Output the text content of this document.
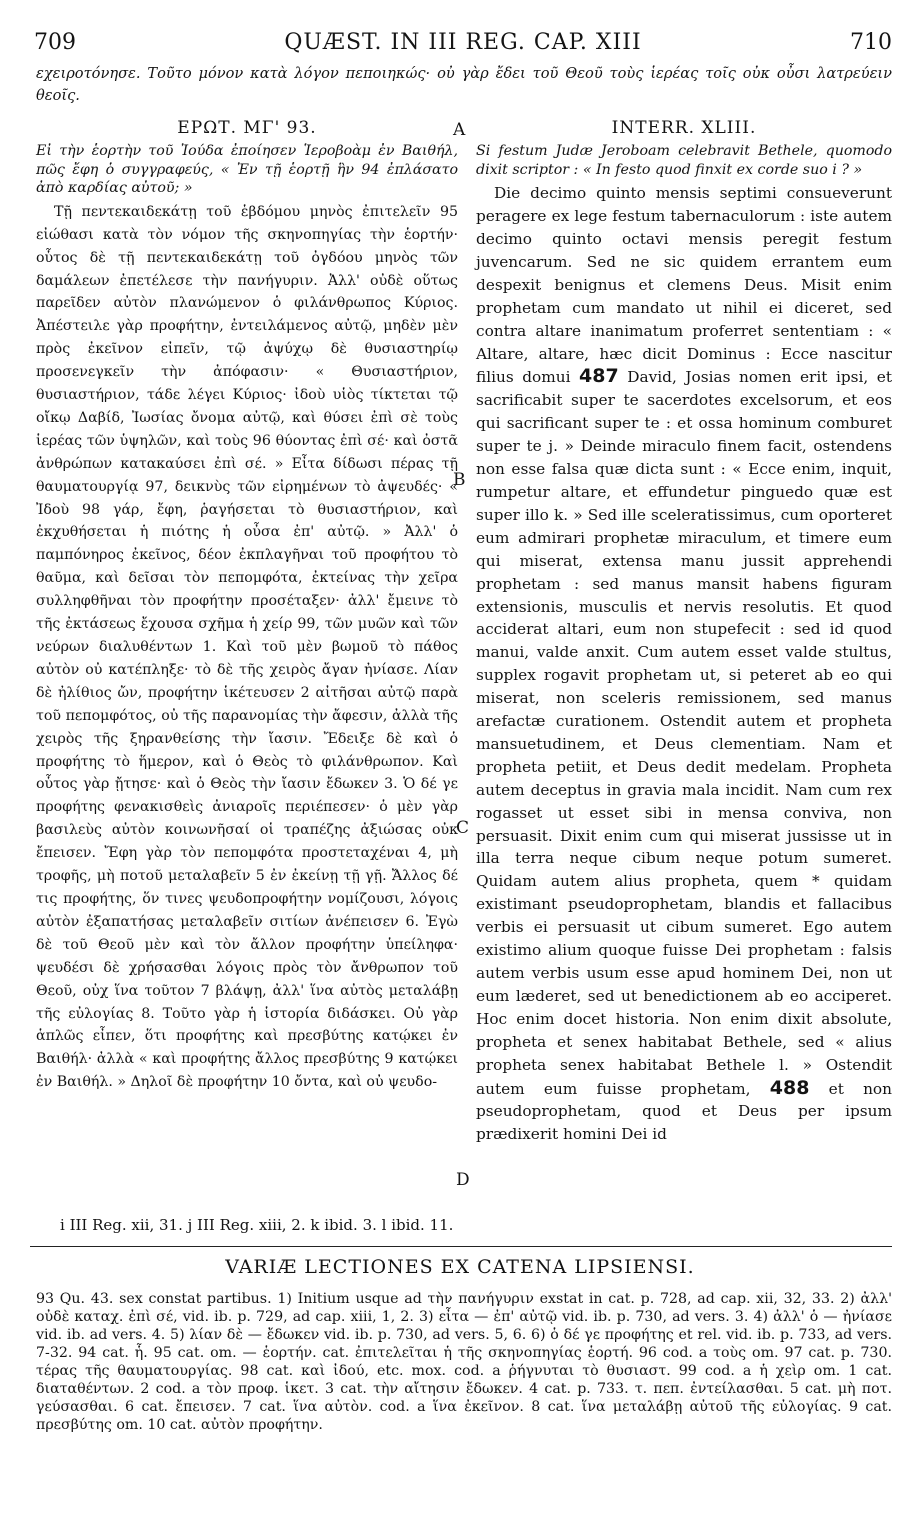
709	QUÆST. IN III REG. CAP. XIII	710
εχειροτόνησε. Τοῦτο μόνον κατὰ λόγον πεποιηκώς· οὐ γὰρ ἔδει τοῦ Θεοῦ τοὺς ἱερέας τοῖς οὐκ οὖσι λατρεύειν θεοῖς.
ΕΡΩΤ. ΜΓ' 93.
Εἰ τὴν ἑορτὴν τοῦ Ἰούδα ἐποίησεν Ἱεροβοὰμ ἐν Βαιθήλ, πῶς ἔφη ὁ συγγραφεύς, « Ἐν τῇ ἑορτῇ ἣν 94 ἐπλάσατο ἀπὸ καρδίας αὐτοῦ; »
Τῇ πεντεκαιδεκάτῃ τοῦ ἑβδόμου μηνὸς ἐπιτελεῖν 95 εἰώθασι κατὰ τὸν νόμον τῆς σκηνοπηγίας τὴν ἑορτήν· οὗτος δὲ τῇ πεντεκαιδεκάτῃ τοῦ ὀγδόου μηνὸς τῶν δαμάλεων ἐπετέλεσε τὴν πανήγυριν. Ἀλλ' οὐδὲ οὕτως παρεῖδεν αὐτὸν πλανώμενον ὁ φιλάνθρωπος Κύριος. Ἀπέστειλε γὰρ προφήτην, ἐντειλάμενος αὐτῷ, μηδὲν μὲν πρὸς ἐκεῖνον εἰπεῖν, τῷ ἀψύχῳ δὲ θυσιαστηρίῳ προσενεγκεῖν τὴν ἀπόφασιν· « Θυσιαστήριον, θυσιαστήριον, τάδε λέγει Κύριος· ἰδοὺ υἱὸς τίκτεται τῷ οἴκῳ Δαβίδ, Ἰωσίας ὄνομα αὐτῷ, καὶ θύσει ἐπὶ σὲ τοὺς ἱερέας τῶν ὑψηλῶν, καὶ τοὺς 96 θύοντας ἐπὶ σέ· καὶ ὀστᾶ ἀνθρώπων κατακαύσει ἐπὶ σέ. » Εἶτα δίδωσι πέρας τῇ θαυματουργίᾳ 97, δεικνὺς τῶν εἰρημένων τὸ ἀψευδές· « Ἰδοὺ 98 γάρ, ἔφη, ῥαγήσεται τὸ θυσιαστήριον, καὶ ἐκχυθήσεται ἡ πιότης ἡ οὖσα ἐπ' αὐτῷ. » Ἀλλ' ὁ παμπόνηρος ἐκεῖνος, δέον ἐκπλαγῆναι τοῦ προφήτου τὸ θαῦμα, καὶ δεῖσαι τὸν πεπομφότα, ἐκτείνας τὴν χεῖρα συλληφθῆναι τὸν προφήτην προσέταξεν· ἀλλ' ἔμεινε τὸ τῆς ἐκτάσεως ἔχουσα σχῆμα ἡ χείρ 99, τῶν μυῶν καὶ τῶν νεύρων διαλυθέντων 1. Καὶ τοῦ μὲν βωμοῦ τὸ πάθος αὐτὸν οὐ κατέπληξε· τὸ δὲ τῆς χειρὸς ἄγαν ἠνίασε. Λίαν δὲ ἠλίθιος ὤν, προφήτην ἱκέτευσεν 2 αἰτῆσαι αὐτῷ παρὰ τοῦ πεπομφότος, οὐ τῆς παρανομίας τὴν ἄφεσιν, ἀλλὰ τῆς χειρὸς τῆς ξηρανθείσης τὴν ἴασιν. Ἔδειξε δὲ καὶ ὁ προφήτης τὸ ἥμερον, καὶ ὁ Θεὸς τὸ φιλάνθρωπον. Καὶ οὗτος γὰρ ᾔτησε· καὶ ὁ Θεὸς τὴν ἴασιν ἔδωκεν 3. Ὁ δέ γε προφήτης φενακισθεὶς ἀνιαροῖς περιέπεσεν· ὁ μὲν γὰρ βασιλεὺς αὐτὸν κοινωνῆσαί οἱ τραπέζης ἀξιώσας οὐκ ἔπεισεν. Ἔφη γὰρ τὸν πεπομφότα προστεταχέναι 4, μὴ τροφῆς, μὴ ποτοῦ μεταλαβεῖν 5 ἐν ἐκείνῃ τῇ γῇ. Ἄλλος δέ τις προφήτης, ὅν τινες ψευδοπροφήτην νομίζουσι, λόγοις αὐτὸν ἐξαπατήσας μεταλαβεῖν σιτίων ἀνέπεισεν 6. Ἐγὼ δὲ τοῦ Θεοῦ μὲν καὶ τὸν ἄλλον προφήτην ὑπείληφα· ψευδέσι δὲ χρήσασθαι λόγοις πρὸς τὸν ἄνθρωπον τοῦ Θεοῦ, οὐχ ἵνα τοῦτον 7 βλάψῃ, ἀλλ' ἵνα αὐτὸς μεταλάβῃ τῆς εὐλογίας 8. Τοῦτο γὰρ ἡ ἱστορία διδάσκει. Οὐ γὰρ ἁπλῶς εἶπεν, ὅτι προφήτης καὶ πρεσβύτης κατῴκει ἐν Βαιθήλ· ἀλλὰ « καὶ προφήτης ἄλλος πρεσβύτης 9 κατῴκει ἐν Βαιθήλ. » Δηλοῖ δὲ προφήτην 10 ὄντα, καὶ οὐ ψευδο-
INTERR. XLIII.
Si festum Judæ Jeroboam celebravit Bethele, quomodo dixit scriptor : « In festo quod finxit ex corde suo i ? »
Die decimo quinto mensis septimi consueverunt peragere ex lege festum tabernaculorum : iste autem decimo quinto octavi mensis peregit festum juvencarum. Sed ne sic quidem errantem eum despexit benignus et clemens Deus. Misit enim prophetam cum mandato ut nihil ei diceret, sed contra altare inanimatum proferret sententiam : « Altare, altare, hæc dicit Dominus : Ecce nascitur filius domui 487 David, Josias nomen erit ipsi, et sacrificabit super te sacerdotes excelsorum, et eos qui sacrificant super te : et ossa hominum comburet super te j. » Deinde miraculo finem facit, ostendens non esse falsa quæ dicta sunt : « Ecce enim, inquit, rumpetur altare, et effundetur pinguedo quæ est super illo k. » Sed ille sceleratissimus, cum oporteret eum admirari prophetæ miraculum, et timere eum qui miserat, extensa manu jussit apprehendi prophetam : sed manus mansit habens figuram extensionis, musculis et nervis resolutis. Et quod acciderat altari, eum non stupefecit : sed id quod manui, valde anxit. Cum autem esset valde stultus, supplex rogavit prophetam ut, si peteret ab eo qui miserat, non sceleris remissionem, sed manus arefactæ curationem. Ostendit autem et propheta mansuetudinem, et Deus clementiam. Nam et propheta petiit, et Deus dedit medelam. Propheta autem deceptus in gravia mala incidit. Nam cum rex rogasset ut esset sibi in mensa conviva, non persuasit. Dixit enim cum qui miserat jussisse ut in illa terra neque cibum neque potum sumeret. Quidam autem alius propheta, quem * quidam existimant pseudoprophetam, blandis et fallacibus verbis ei persuasit ut cibum sumeret. Ego autem existimo alium quoque fuisse Dei prophetam : falsis autem verbis usum esse apud hominem Dei, non ut eum læderet, sed ut benedictionem ab eo acciperet. Hoc enim docet historia. Non enim dixit absolute, propheta et senex habitabat Bethele, sed « alius propheta senex habitabat Bethele l. » Ostendit autem eum fuisse prophetam, 488 et non pseudoprophetam, quod et Deus per ipsum prædixerit homini Dei id
A
B
C
D
i III Reg. xii, 31. j III Reg. xiii, 2. k ibid. 3. l ibid. 11.
VARIÆ LECTIONES EX CATENA LIPSIENSI.
93 Qu. 43. sex constat partibus. 1) Initium usque ad τὴν πανήγυριν exstat in cat. p. 728, ad cap. xii, 32, 33. 2) ἀλλ' οὐδὲ καταχ. ἐπὶ σέ, vid. ib. p. 729, ad cap. xiii, 1, 2. 3) εἶτα — ἐπ' αὐτῷ vid. ib. p. 730, ad vers. 3. 4) ἀλλ' ὁ — ἠνίασε vid. ib. ad vers. 4. 5) λίαν δὲ — ἔδωκεν vid. ib. p. 730, ad vers. 5, 6. 6) ὁ δέ γε προφήτης et rel. vid. ib. p. 733, ad vers. 7-32. 94 cat. ἧ. 95 cat. om. — ἑορτήν. cat. ἐπιτελεῖται ἡ τῆς σκηνοπηγίας ἑορτή. 96 cod. a τοὺς om. 97 cat. p. 730. τέρας τῆς θαυματουργίας. 98 cat. καὶ ἰδού, etc. mox. cod. a ῥήγνυται τὸ θυσιαστ. 99 cod. a ἡ χεὶρ om. 1 cat. διαταθέντων. 2 cod. a τὸν προφ. ἱκετ. 3 cat. τὴν αἴτησιν ἔδωκεν. 4 cat. p. 733. τ. πεπ. ἐντείλασθαι. 5 cat. μὴ ποτ. γεύσασθαι. 6 cat. ἔπεισεν. 7 cat. ἵνα αὐτὸν. cod. a ἵνα ἐκεῖνον. 8 cat. ἵνα μεταλάβῃ αὐτοῦ τῆς εὐλογίας. 9 cat. πρεσβύτης om. 10 cat. αὐτὸν προφήτην.
